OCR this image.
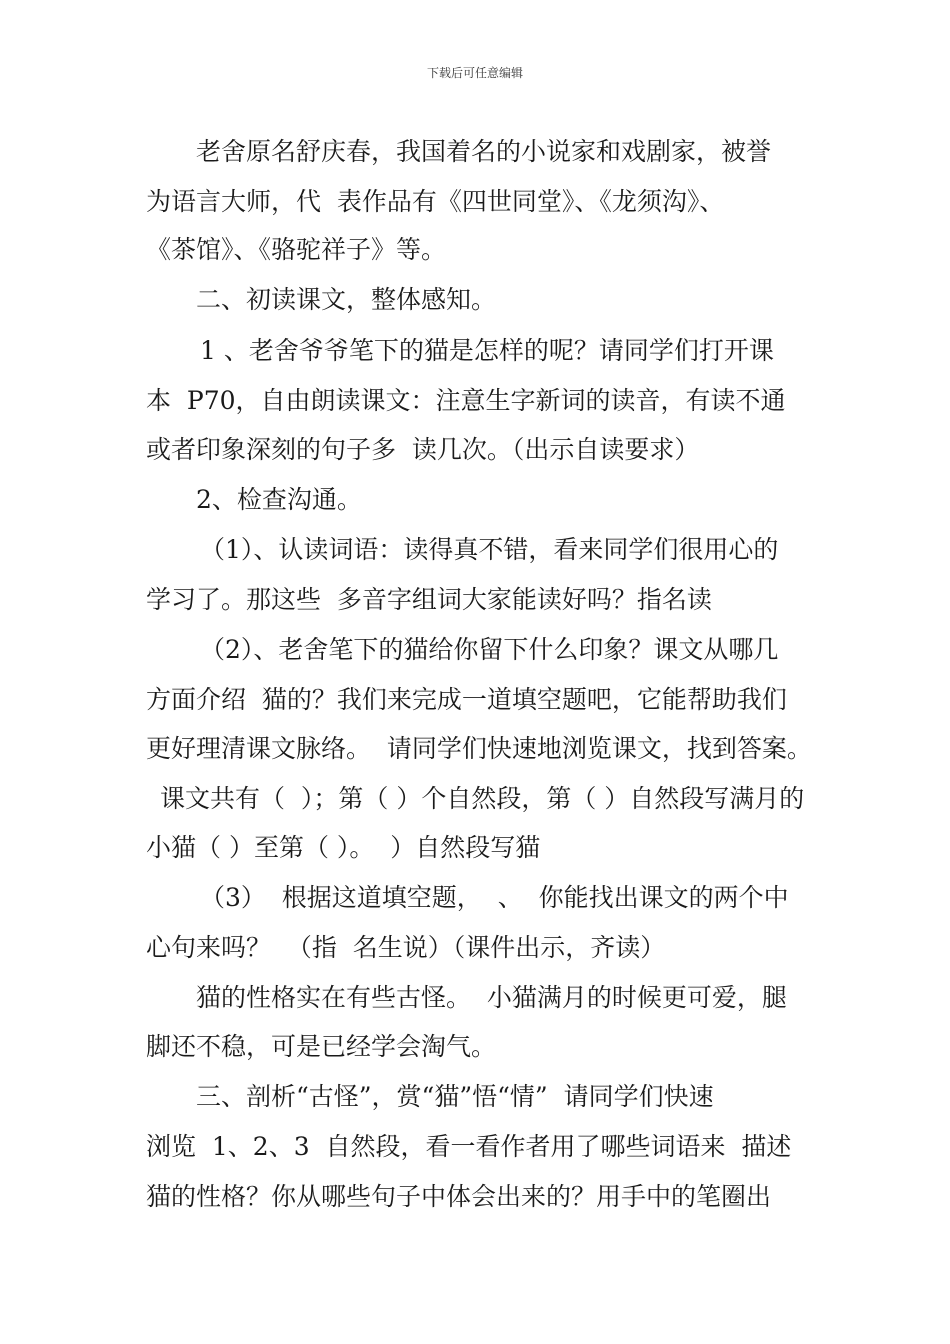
下载后可任意编辑
老舍原名舒庆春，我国着名的小说家和戏剧家，被誉
为语言大师，代  表作品有《四世同堂》、《龙须沟》、
《茶馆》、《骆驼祥子》等。
二、初读课文，整体感知。
1 、老舍爷爷笔下的猫是怎样的呢？请同学们打开课
本  P70，自由朗读课文：注意生字新词的读音，有读不通
或者印象深刻的句子多  读几次。（出示自读要求）
2、检查沟通。
（1）、认读词语：读得真不错，看来同学们很用心的
学习了。那这些  多音字组词大家能读好吗？指名读
（2）、老舍笔下的猫给你留下什么印象？课文从哪几
方面介绍  猫的？我们来完成一道填空题吧，它能帮助我们
更好理清课文脉络。  请同学们快速地浏览课文，找到答案。
课文共有（  ）；第（ ）个自然段，第（ ）自然段写满月的
小猫（ ）至第（ ）。  ）自然段写猫
（3）  根据这道填空题，  、  你能找出课文的两个中
心句来吗？  （指  名生说）（课件出示，齐读）
猫的性格实在有些古怪。  小猫满月的时候更可爱，腿
脚还不稳，可是已经学会淘气。
三、剖析“古怪”，赏“猫”悟“情”  请同学们快速
浏览  1、2、3  自然段，看一看作者用了哪些词语来  描述
猫的性格？你从哪些句子中体会出来的？用手中的笔圈出
